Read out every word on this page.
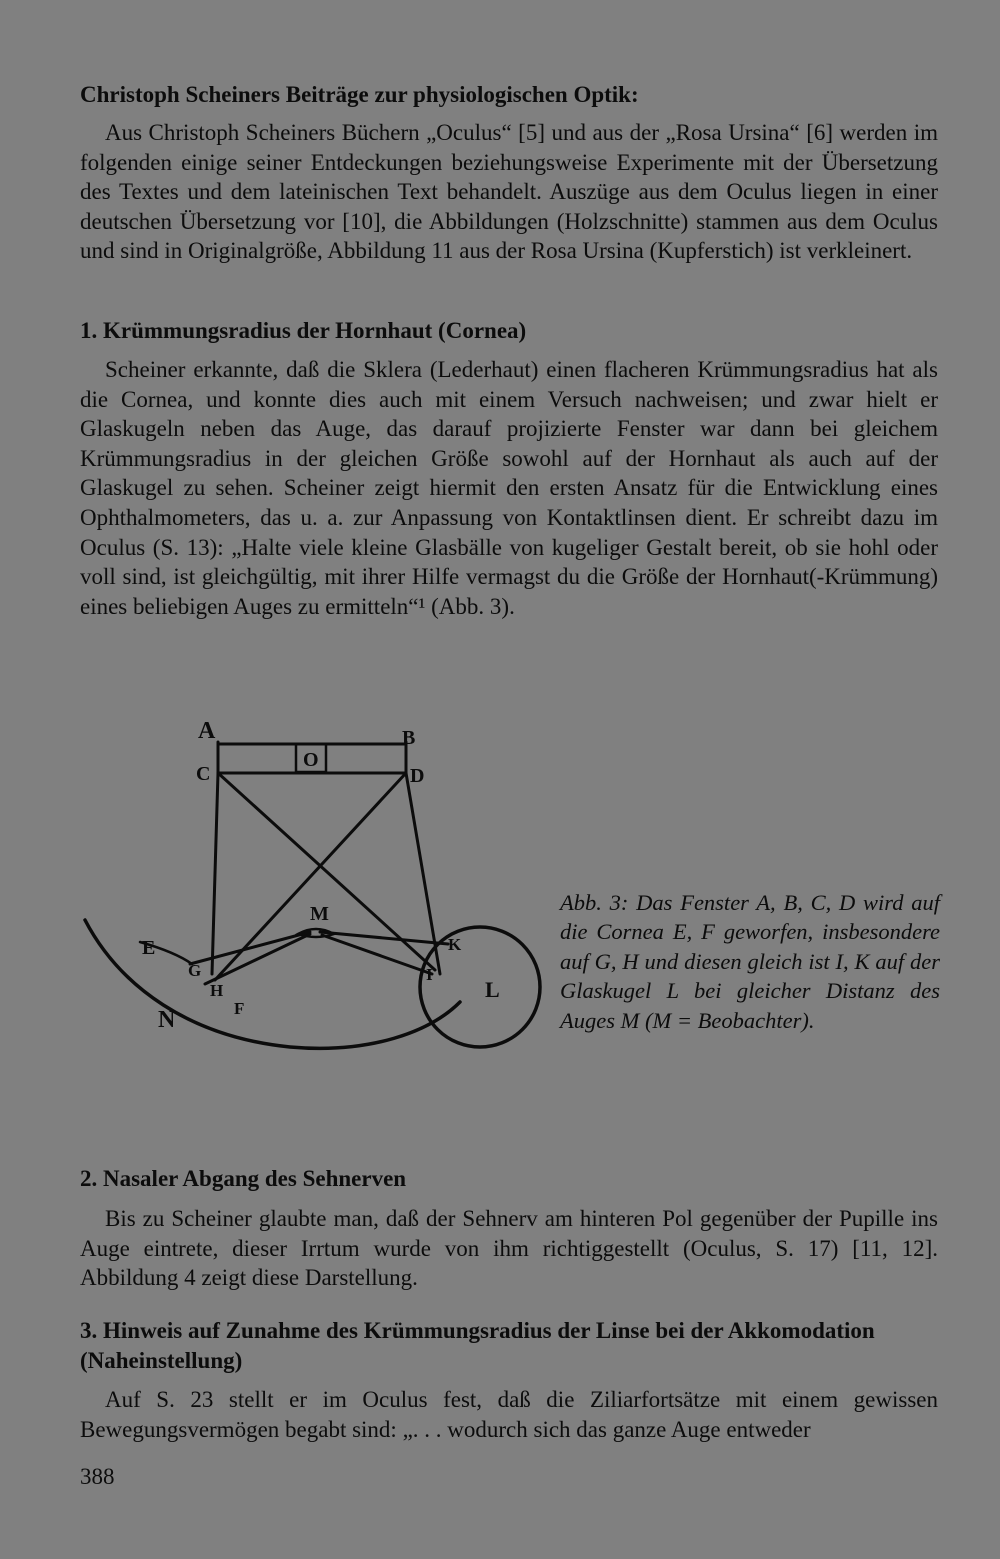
Christoph Scheiners Beiträge zur physiologischen Optik:

Aus Christoph Scheiners Büchern „Oculus“ [5] und aus der „Rosa Ursina“ [6] werden im folgenden einige seiner Entdeckungen beziehungsweise Experimente mit der Übersetzung des Textes und dem lateinischen Text behandelt. Auszüge aus dem Oculus liegen in einer deutschen Übersetzung vor [10], die Abbildungen (Holzschnitte) stammen aus dem Oculus und sind in Originalgröße, Abbildung 11 aus der Rosa Ursina (Kupferstich) ist verkleinert.

1. Krümmungsradius der Hornhaut (Cornea)

Scheiner erkannte, daß die Sklera (Lederhaut) einen flacheren Krümmungsradius hat als die Cornea, und konnte dies auch mit einem Versuch nachweisen; und zwar hielt er Glaskugeln neben das Auge, das darauf projizierte Fenster war dann bei gleichem Krümmungsradius in der gleichen Größe sowohl auf der Hornhaut als auch auf der Glaskugel zu sehen. Scheiner zeigt hiermit den ersten Ansatz für die Entwicklung eines Ophthalmometers, das u. a. zur Anpassung von Kontaktlinsen dient. Er schreibt dazu im Oculus (S. 13): „Halte viele kleine Glasbälle von kugeliger Gestalt bereit, ob sie hohl oder voll sind, ist gleichgültig, mit ihrer Hilfe vermagst du die Größe der Hornhaut(-Krümmung) eines beliebigen Auges zu ermitteln“¹ (Abb. 3).

A	B
C	D
O
M
E
G
H
F
N
I
K
L

Abb. 3: Das Fenster A, B, C, D wird auf die Cornea E, F geworfen, insbesondere auf G, H und diesen gleich ist I, K auf der Glaskugel L bei gleicher Distanz des Auges M (M = Beobachter).

2. Nasaler Abgang des Sehnerven

Bis zu Scheiner glaubte man, daß der Sehnerv am hinteren Pol gegenüber der Pupille ins Auge eintrete, dieser Irrtum wurde von ihm richtiggestellt (Oculus, S. 17) [11, 12]. Abbildung 4 zeigt diese Darstellung.

3. Hinweis auf Zunahme des Krümmungsradius der Linse bei der Akkomodation (Naheinstellung)

Auf S. 23 stellt er im Oculus fest, daß die Ziliarfortsätze mit einem gewissen Bewegungsvermögen begabt sind: „. . . wodurch sich das ganze Auge entweder

388
